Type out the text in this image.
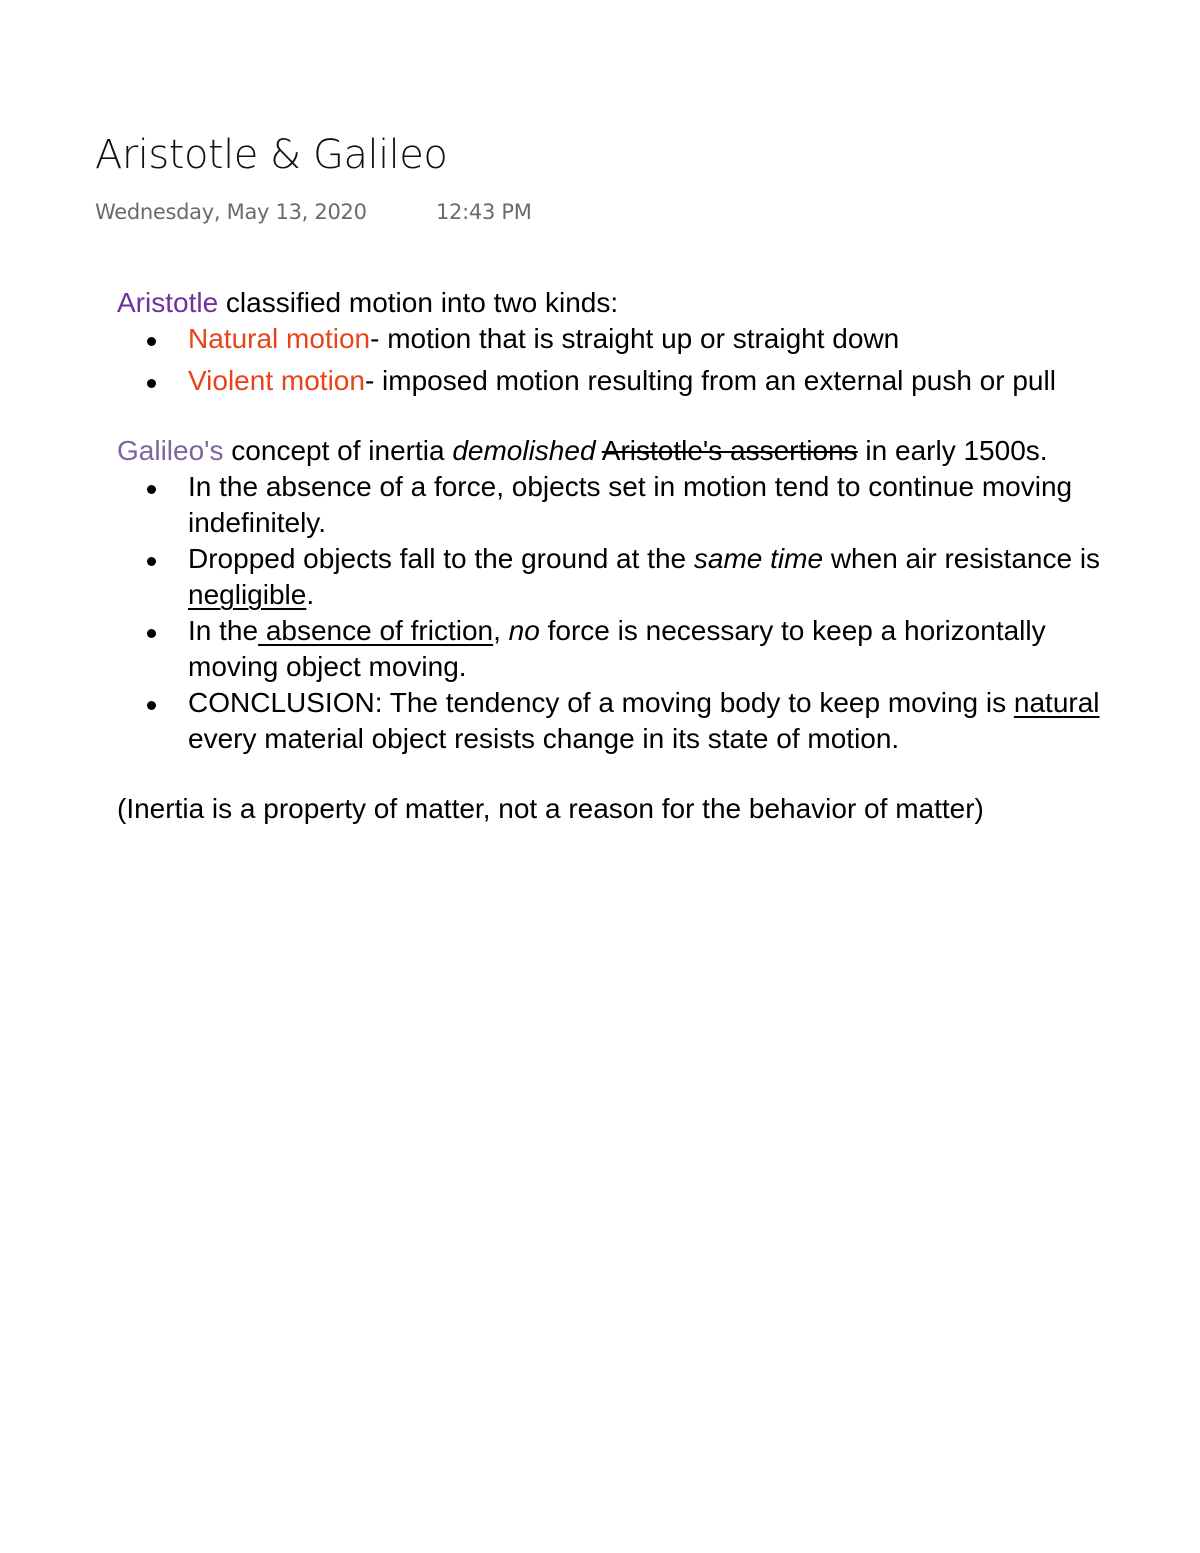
Aristotle & Galileo
Wednesday, May 13, 2020	12:43 PM

Aristotle classified motion into two kinds:

Natural motion- motion that is straight up or straight down
Violent motion- imposed motion resulting from an external push or pull

Galileo's concept of inertia demolished Aristotle's assertions in early 1500s.

In the absence of a force, objects set in motion tend to continue moving
indefinitely.
Dropped objects fall to the ground at the same time when air resistance is
negligible.
In the absence of friction, no force is necessary to keep a horizontally
moving object moving.
CONCLUSION: The tendency of a moving body to keep moving is natural
every material object resists change in its state of motion.

(Inertia is a property of matter, not a reason for the behavior of matter)
